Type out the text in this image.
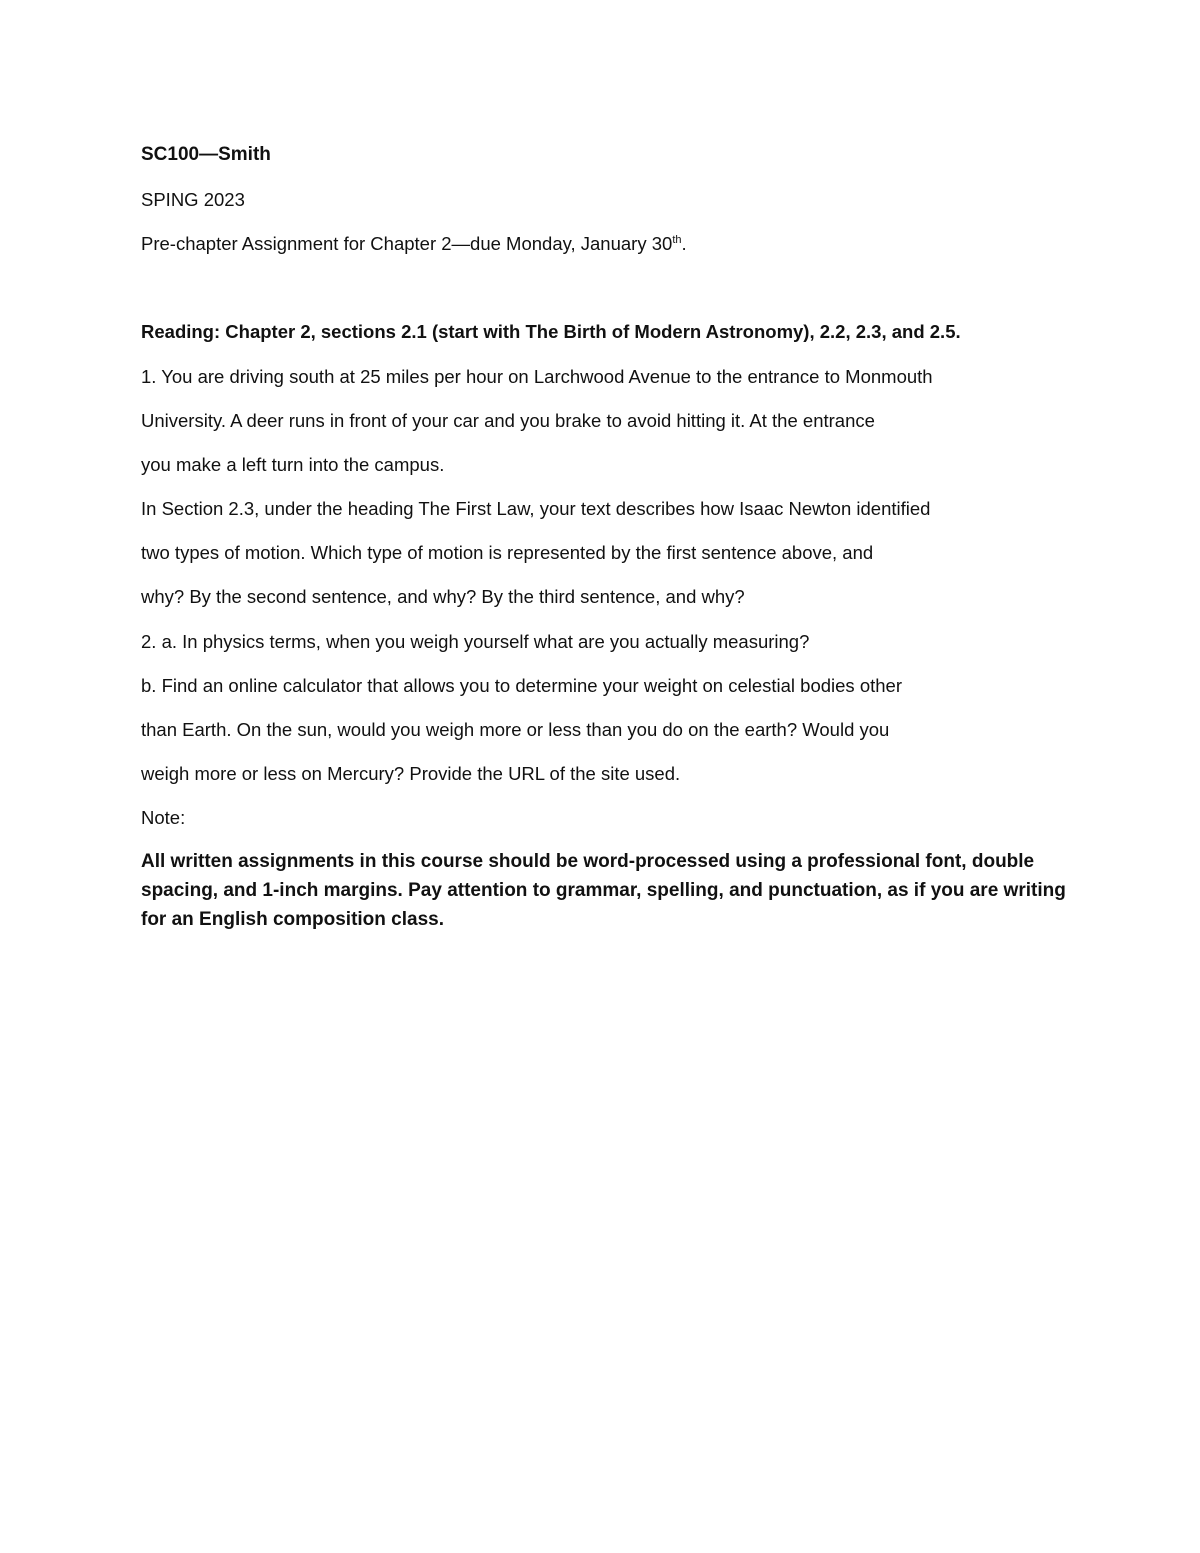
SC100—Smith

SPING 2023

Pre-chapter Assignment for Chapter 2—due Monday, January 30th.

Reading: Chapter 2, sections 2.1 (start with The Birth of Modern Astronomy), 2.2, 2.3, and 2.5.

1. You are driving south at 25 miles per hour on Larchwood Avenue to the entrance to Monmouth

University. A deer runs in front of your car and you brake to avoid hitting it. At the entrance

you make a left turn into the campus.

In Section 2.3, under the heading The First Law, your text describes how Isaac Newton identified

two types of motion. Which type of motion is represented by the first sentence above, and

why? By the second sentence, and why? By the third sentence, and why?

2. a. In physics terms, when you weigh yourself what are you actually measuring?

b. Find an online calculator that allows you to determine your weight on celestial bodies other

than Earth. On the sun, would you weigh more or less than you do on the earth? Would you

weigh more or less on Mercury? Provide the URL of the site used.

Note:

All written assignments in this course should be word-processed using a professional font, double spacing, and 1-inch margins. Pay attention to grammar, spelling, and punctuation, as if you are writing for an English composition class.
